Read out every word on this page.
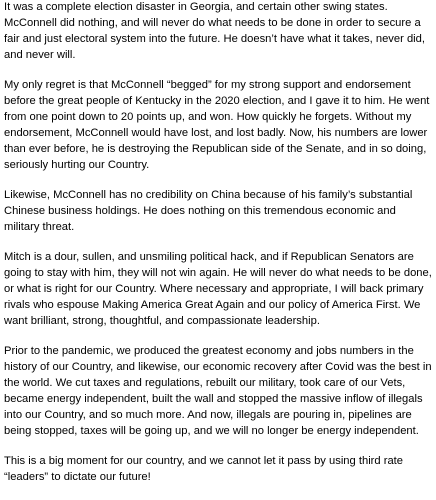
It was a complete election disaster in Georgia, and certain other swing states. McConnell did nothing, and will never do what needs to be done in order to secure a fair and just electoral system into the future. He doesn’t have what it takes, never did, and never will.

My only regret is that McConnell “begged” for my strong support and endorsement before the great people of Kentucky in the 2020 election, and I gave it to him. He went from one point down to 20 points up, and won. How quickly he forgets. Without my endorsement, McConnell would have lost, and lost badly. Now, his numbers are lower than ever before, he is destroying the Republican side of the Senate, and in so doing, seriously hurting our Country.

Likewise, McConnell has no credibility on China because of his family’s substantial Chinese business holdings. He does nothing on this tremendous economic and military threat.

Mitch is a dour, sullen, and unsmiling political hack, and if Republican Senators are going to stay with him, they will not win again. He will never do what needs to be done, or what is right for our Country. Where necessary and appropriate, I will back primary rivals who espouse Making America Great Again and our policy of America First. We want brilliant, strong, thoughtful, and compassionate leadership.

Prior to the pandemic, we produced the greatest economy and jobs numbers in the history of our Country, and likewise, our economic recovery after Covid was the best in the world. We cut taxes and regulations, rebuilt our military, took care of our Vets, became energy independent, built the wall and stopped the massive inflow of illegals into our Country, and so much more. And now, illegals are pouring in, pipelines are being stopped, taxes will be going up, and we will no longer be energy independent.

This is a big moment for our country, and we cannot let it pass by using third rate “leaders” to dictate our future!
